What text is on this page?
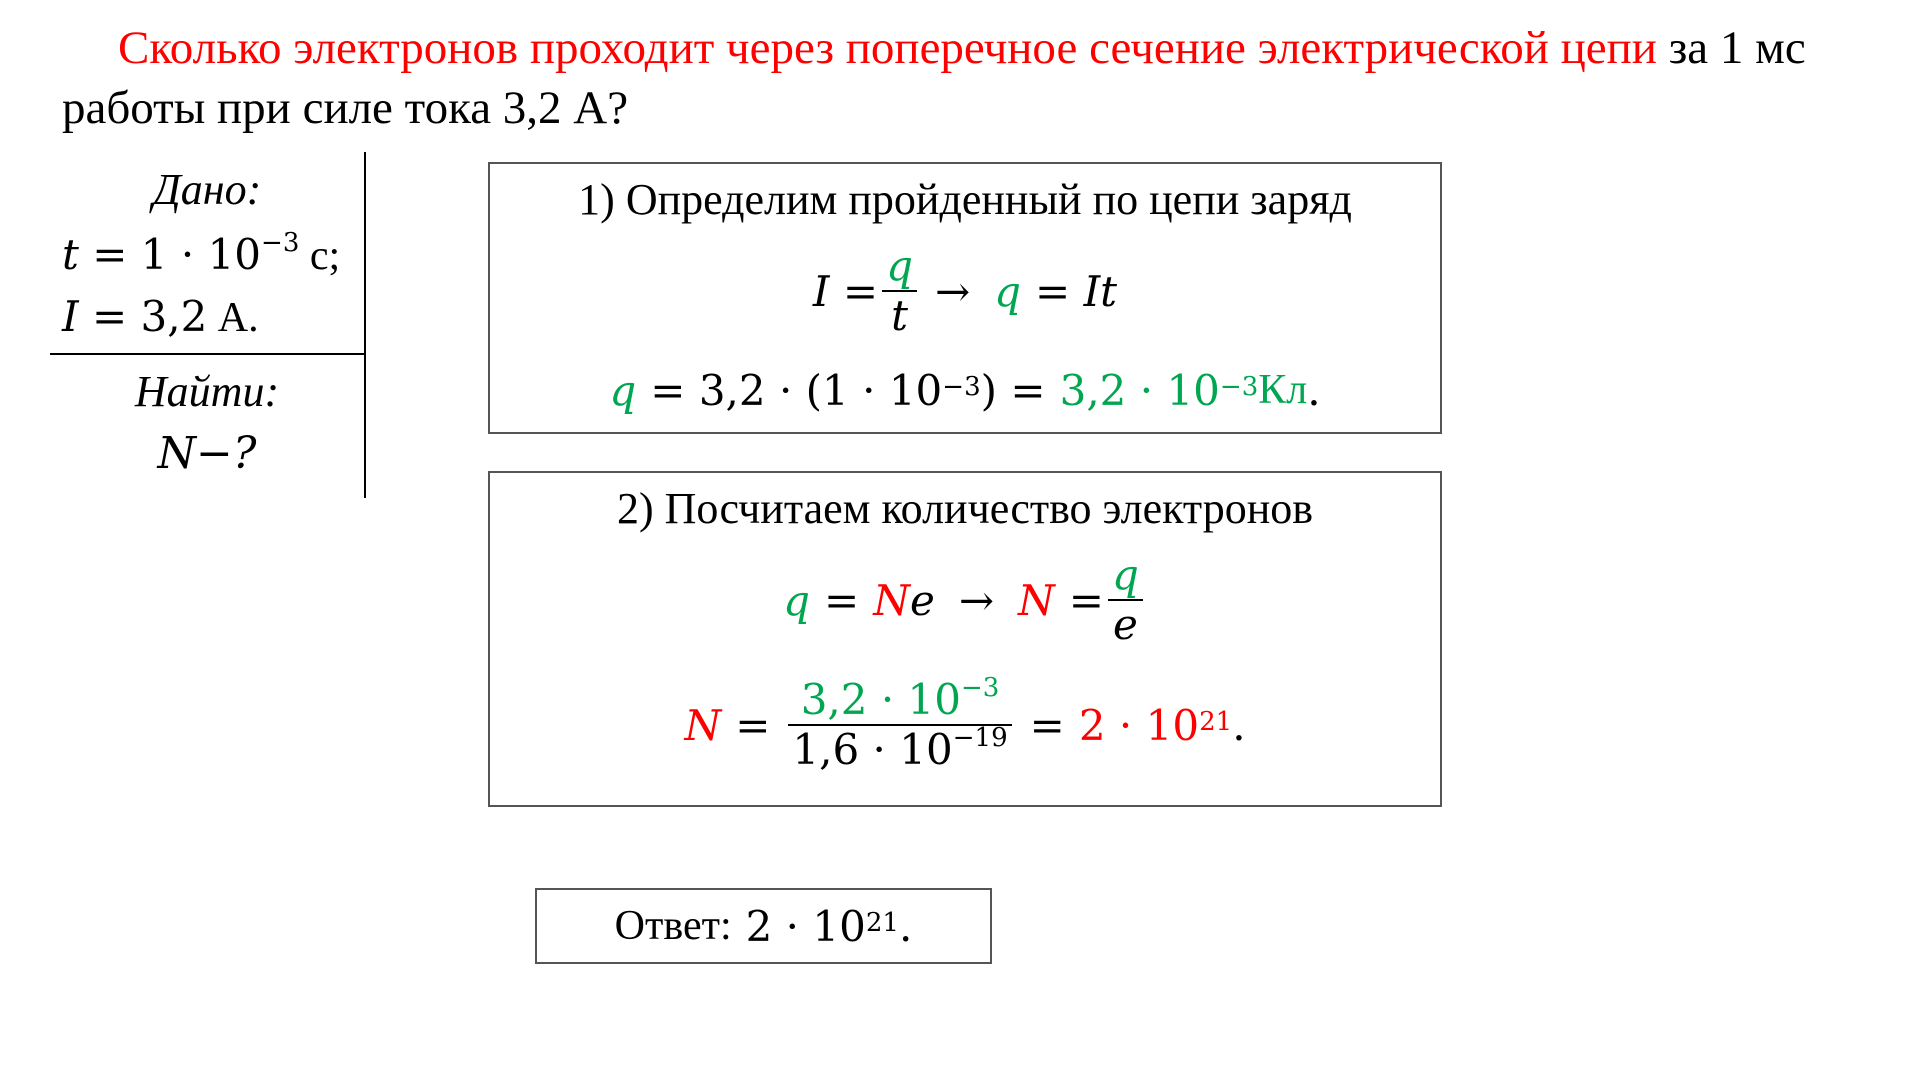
Сколько электронов проходит через поперечное сечение электрической цепи за 1 мс
работы при силе тока 3,2 А?
Дано:
$t = 1 \cdot 10^{-3}$ с;
I = 3,2 А.
Найти:
N−?
1) Определим пройденный по цепи заряд
$I = \frac{q}{t} \to q = It$
$q = 3,2 \cdot (1 \cdot 10^{-3}$ ) = $3,2 \cdot 10^{-3}$ Кл .
2) Посчитаем количество электронов
q = N $e \to N = \frac{q}{e}$
$N = \frac{3,2 \cdot 10^{-3}}{1,6 \cdot 10^{-19}} = 2 \cdot 10^{21}$ .
Ответ: $2 \cdot 10^{21}$ .
